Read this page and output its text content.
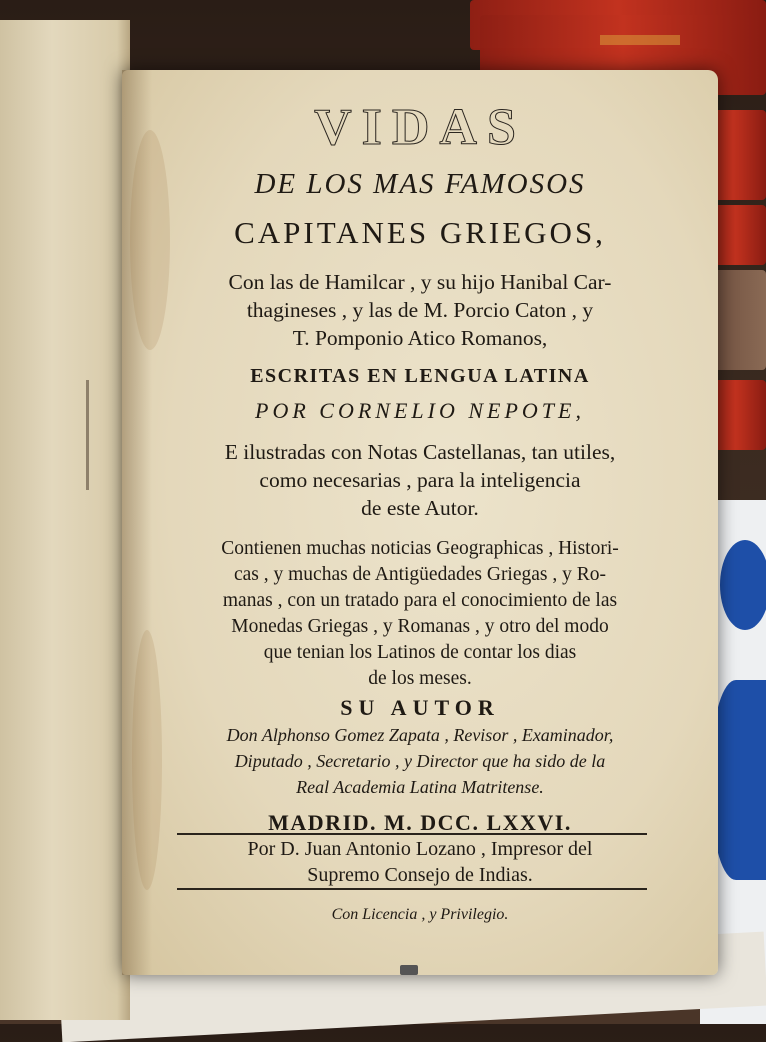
VIDAS
DE LOS MAS FAMOSOS
CAPITANES GRIEGOS,
Con las de Hamilcar , y su hijo Hanibal Car-
thagineses , y las de M. Porcio Caton , y
T. Pomponio Atico Romanos,
ESCRITAS EN LENGUA LATINA
POR CORNELIO NEPOTE,
E ilustradas con Notas Castellanas, tan utiles,
como necesarias , para la inteligencia
de este Autor.
Contienen muchas noticias Geographicas , Histori-
cas , y muchas de Antigüedades Griegas , y Ro-
manas , con un tratado para el conocimiento de las
Monedas Griegas , y Romanas , y otro del modo
que tenian los Latinos de contar los dias
de los meses.
SU AUTOR
Don Alphonso Gomez Zapata , Revisor , Examinador,
Diputado , Secretario , y Director que ha sido de la
Real Academia Latina Matritense.
MADRID. M. DCC. LXXVI.
Por D. Juan Antonio Lozano , Impresor del
Supremo Consejo de Indias.
Con Licencia , y Privilegio.
